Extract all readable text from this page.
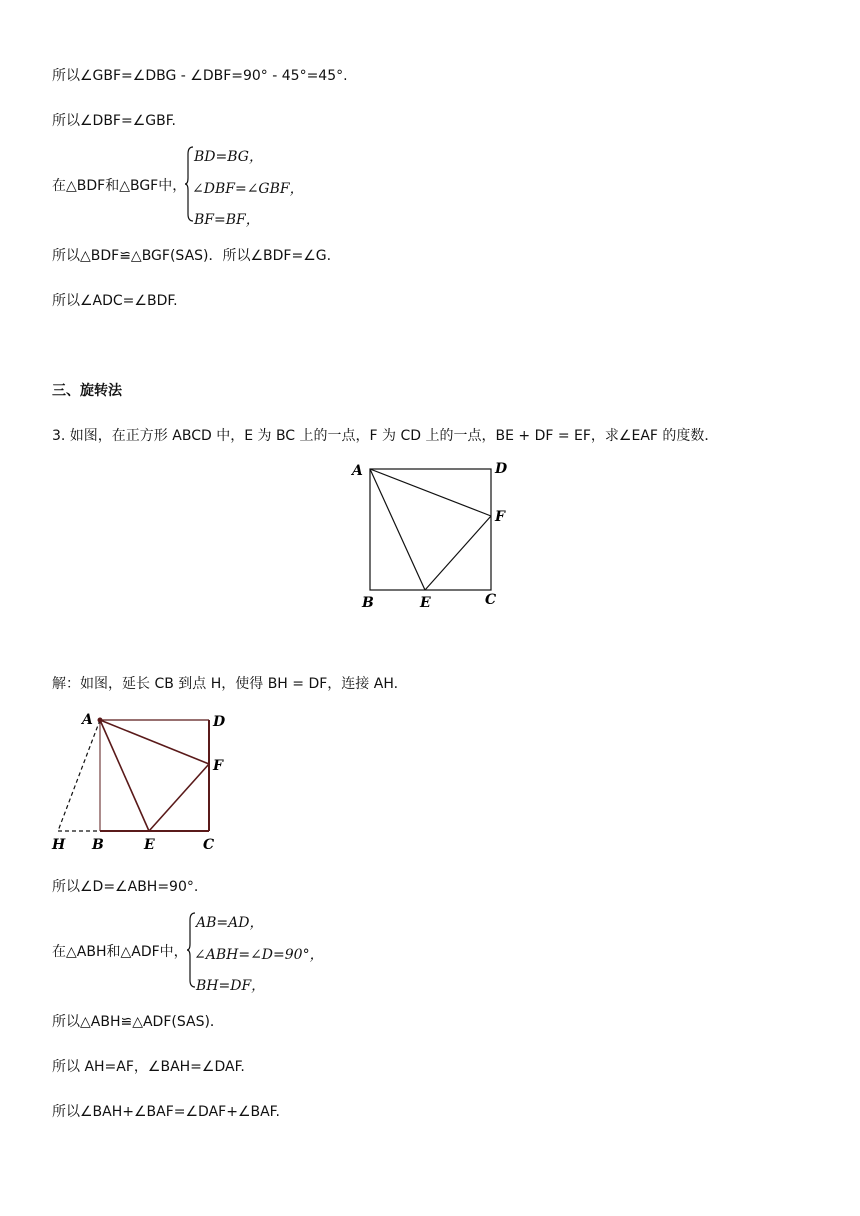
所以∠GBF=∠DBG - ∠DBF=90° - 45°=45°.
所以∠DBF=∠GBF.
在△BDF和△BGF中，
BD=BG，
∠DBF=∠GBF，
BF=BF，
所以△BDF≌△BGF(SAS)．所以∠BDF=∠G.
所以∠ADC=∠BDF.
三、旋转法
3. 如图，在正方形 ABCD 中，E 为 BC 上的一点，F 为 CD 上的一点，BE + DF = EF，求∠EAF 的度数．
A	D
F
B	E	C
解：如图，延长 CB 到点 H，使得 BH = DF，连接 AH.
A	D
F
H B	E	C
所以∠D=∠ABH=90°.
在△ABH和△ADF中，
AB=AD，
∠ABH=∠D=90°，
BH=DF，
所以△ABH≌△ADF(SAS)．
所以 AH=AF，∠BAH=∠DAF.
所以∠BAH+∠BAF=∠DAF+∠BAF.
